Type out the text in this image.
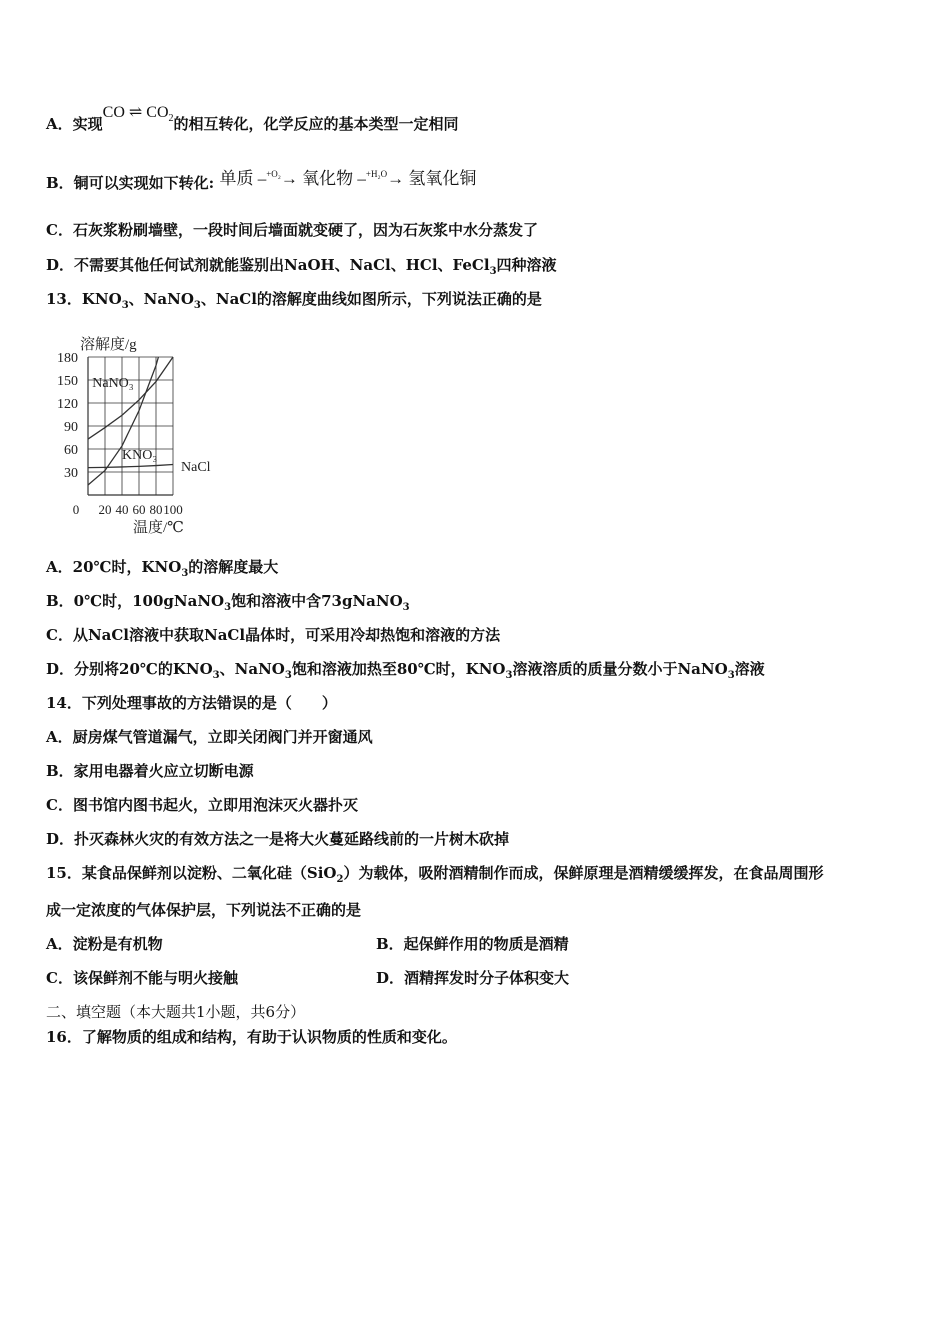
A．实现CO ⇌ $CO_2$的相互转化，化学反应的基本类型一定相同
B．铜可以实现如下转化: 单质 –$^{+O_2}$→ 氧化物 –$^{+H_2O}$→ 氢氧化铜
C．石灰浆粉刷墙壁，一段时间后墙面就变硬了，因为石灰浆中水分蒸发了
D．不需要其他任何试剂就能鉴别出NaOH、NaCl、HCl、FeCl$_3$四种溶液
13．$KNO_3$、NaNO$_3$、NaCl的溶解度曲线如图所示，下列说法正确的是
溶解度/g
180
150
120
90
60
30
0 20 40 60 80 100
NaNO₃
KNO₃
NaCl
温度/℃
A．20℃时，$KNO_3$的溶解度最大
B．0℃时，100gNaNO$_3$饱和溶液中含73gNaNO$_3$
C．从NaCl溶液中获取NaCl晶体时，可采用冷却热饱和溶液的方法
D．分别将20℃的$KNO_3$、NaNO$_3$饱和溶液加热至80℃时，$KNO_3$溶液溶质的质量分数小于NaNO$_3$溶液
14．下列处理事故的方法错误的是（　　）
A．厨房煤气管道漏气，立即关闭阀门并开窗通风
B．家用电器着火应立切断电源
C．图书馆内图书起火，立即用泡沫灭火器扑灭
D．扑灭森林火灾的有效方法之一是将大火蔓延路线前的一片树木砍掉
15．某食品保鲜剂以淀粉、二氧化硅（SiO$_2$）为载体，吸附酒精制作而成，保鲜原理是酒精缓缓挥发，在食品周围形
成一定浓度的气体保护层，下列说法不正确的是
A．淀粉是有机物	B．起保鲜作用的物质是酒精
C．该保鲜剂不能与明火接触	D．酒精挥发时分子体积变大
二、填空题（本大题共1小题，共6分）
16．了解物质的组成和结构，有助于认识物质的性质和变化。
